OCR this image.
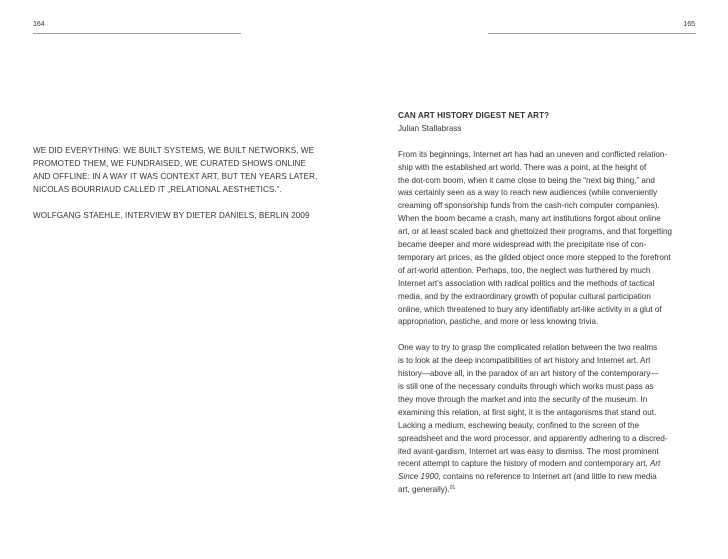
164	165

WE DID EVERYTHING: WE BUILT SYSTEMS, WE BUILT NETWORKS, WE

PROMOTED THEM, WE FUNDRAISED, WE CURATED SHOWS ONLINE

AND OFFLINE: IN A WAY IT WAS CONTEXT ART, BUT TEN YEARS LATER,

NICOLAS BOURRIAUD CALLED IT „RELATIONAL AESTHETICS.”.

WOLFGANG STAEHLE, INTERVIEW BY DIETER DANIELS, BERLIN 2009

CAN ART HISTORY DIGEST NET ART?

Julian Stallabrass

From its beginnings, Internet art has had an uneven and conflicted relation-
ship with the established art world. There was a point, at the height of
the dot-com boom, when it came close to being the “next big thing,” and
was certainly seen as a way to reach new audiences (while conveniently
creaming off sponsorship funds from the cash-rich computer companies).
When the boom became a crash, many art institutions forgot about online
art, or at least scaled back and ghettoized their programs, and that forgetting
became deeper and more widespread with the precipitate rise of con-
temporary art prices, as the gilded object once more stepped to the forefront
of art-world attention. Perhaps, too, the neglect was furthered by much
Internet art’s association with radical politics and the methods of tactical
media, and by the extraordinary growth of popular cultural participation
online, which threatened to bury any identifiably art-like activity in a glut of
appropriation, pastiche, and more or less knowing trivia.

One way to try to grasp the complicated relation between the two realms
is to look at the deep incompatibilities of art history and Internet art. Art
history—above all, in the paradox of an art history of the contemporary—
is still one of the necessary conduits through which works must pass as
they move through the market and into the security of the museum. In
examining this relation, at first sight, it is the antagonisms that stand out.
Lacking a medium, eschewing beauty, confined to the screen of the
spreadsheet and the word processor, and apparently adhering to a discred-
ited avant-gardism, Internet art was easy to dismiss. The most prominent
recent attempt to capture the history of modern and contemporary art, Art
Since 1900, contains no reference to Internet art (and little to new media
art, generally).$^{01}$
